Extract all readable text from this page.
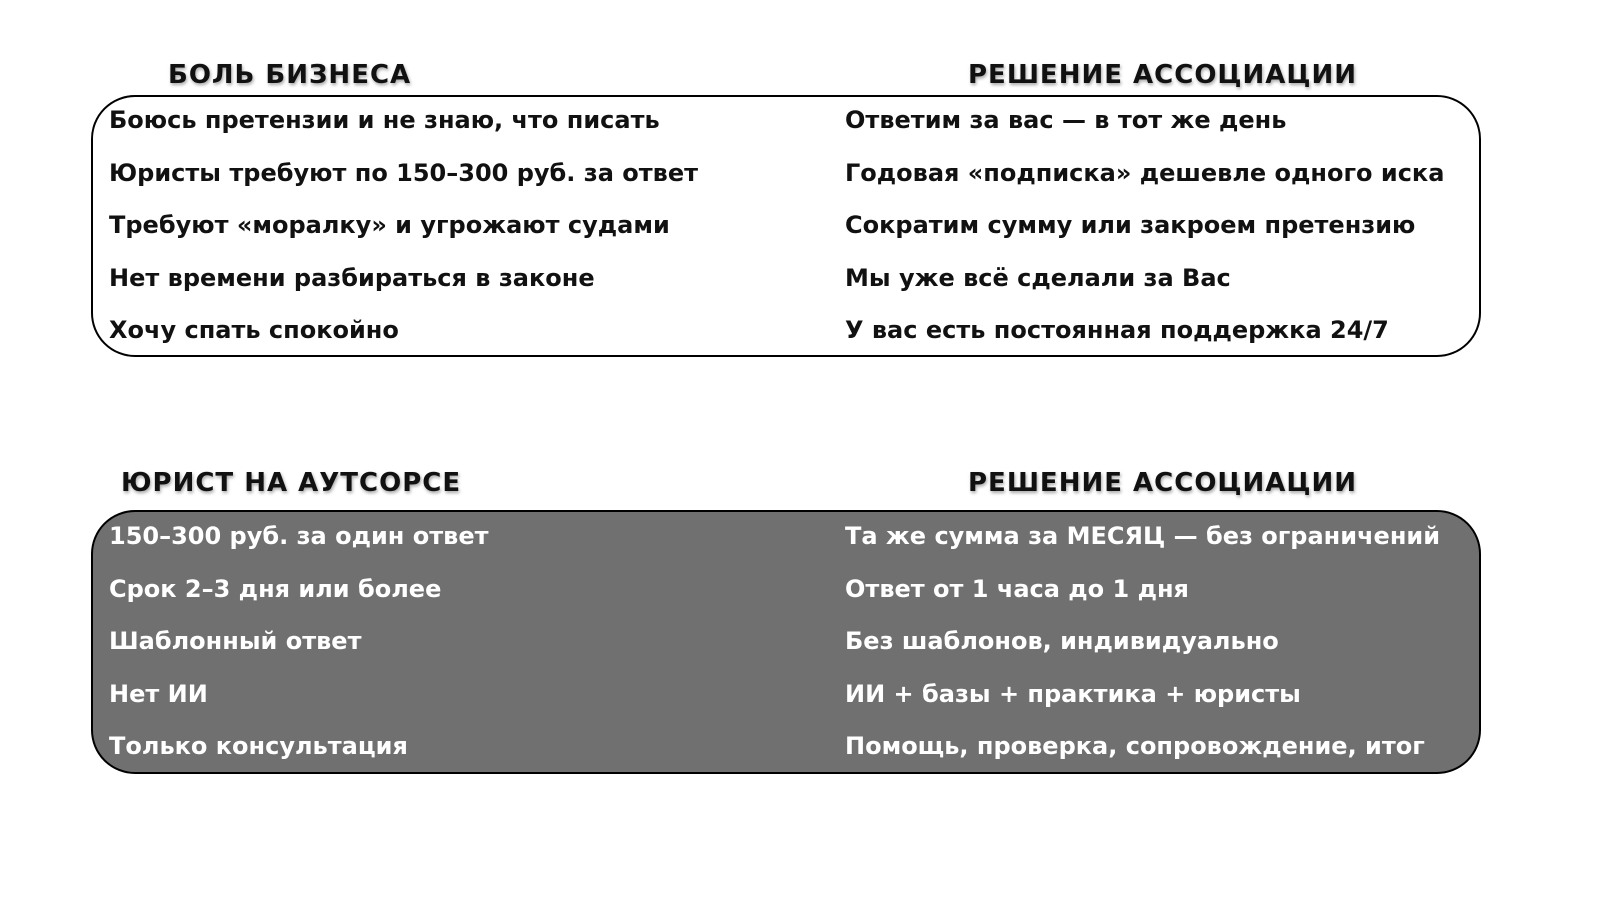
БОЛЬ БИЗНЕСА	РЕШЕНИЕ АССОЦИАЦИИ
Боюсь претензии и не знаю, что писать	Ответим за вас — в тот же день
Юристы требуют по 150–300 руб. за ответ	Годовая «подписка» дешевле одного иска
Требуют «моралку» и угрожают судами	Сократим сумму или закроем претензию
Нет времени разбираться в законе	Мы уже всё сделали за Вас
Хочу спать спокойно	У вас есть постоянная поддержка 24/7
ЮРИСТ НА АУТСОРСЕ	РЕШЕНИЕ АССОЦИАЦИИ
150–300 руб. за один ответ	Та же сумма за МЕСЯЦ — без ограничений
Срок 2–3 дня или более	Ответ от 1 часа до 1 дня
Шаблонный ответ	Без шаблонов, индивидуально
Нет ИИ	ИИ + базы + практика + юристы
Только консультация	Помощь, проверка, сопровождение, итог
